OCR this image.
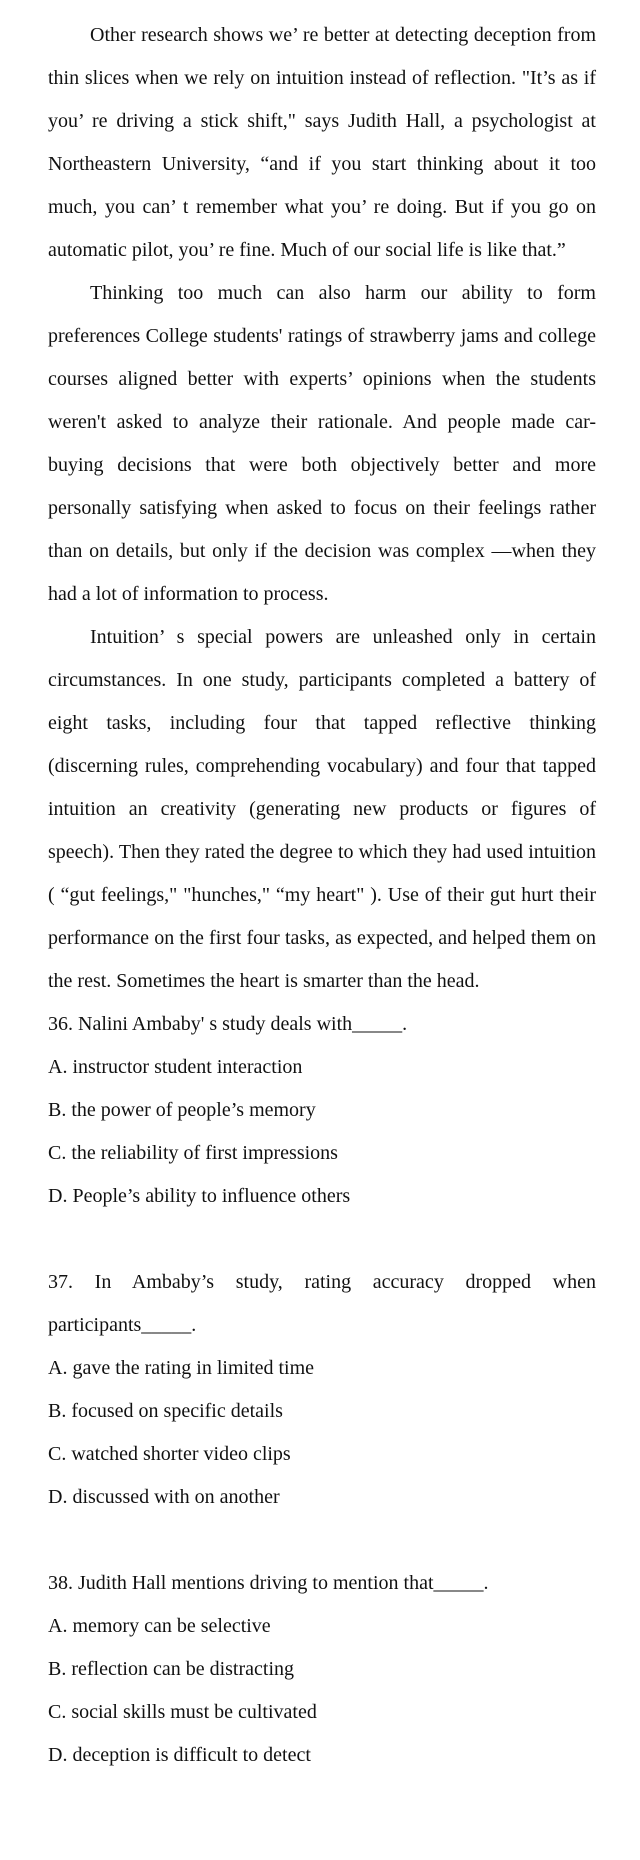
Other research shows we’ re better at detecting deception from thin slices when we rely on intuition instead of reflection. "It’s as if you’ re driving a stick shift," says Judith Hall, a psychologist at Northeastern University, “and if you start thinking about it too much, you can’ t remember what you’ re doing. But if you go on automatic pilot, you’ re fine. Much of our social life is like that.”

Thinking too much can also harm our ability to form preferences College students' ratings of strawberry jams and college courses aligned better with experts’ opinions when the students weren't asked to analyze their rationale. And people made car-buying decisions that were both objectively better and more personally satisfying when asked to focus on their feelings rather than on details, but only if the decision was complex —when they had a lot of information to process.

Intuition’ s special powers are unleashed only in certain circumstances. In one study, participants completed a battery of eight tasks, including four that tapped reflective thinking (discerning rules, comprehending vocabulary) and four that tapped intuition an creativity (generating new products or figures of speech). Then they rated the degree to which they had used intuition ( “gut feelings," "hunches," “my heart" ). Use of their gut hurt their performance on the first four tasks, as expected, and helped them on the rest. Sometimes the heart is smarter than the head.

36. Nalini Ambaby' s study deals with_____.

A. instructor student interaction

B. the power of people’s memory

C. the reliability of first impressions

D. People’s ability to influence others

37. In Ambaby’s study, rating accuracy dropped when participants_____.

A. gave the rating in limited time

B. focused on specific details

C. watched shorter video clips

D. discussed with on another

38. Judith Hall mentions driving to mention that_____.

A. memory can be selective

B. reflection can be distracting

C. social skills must be cultivated

D. deception is difficult to detect
